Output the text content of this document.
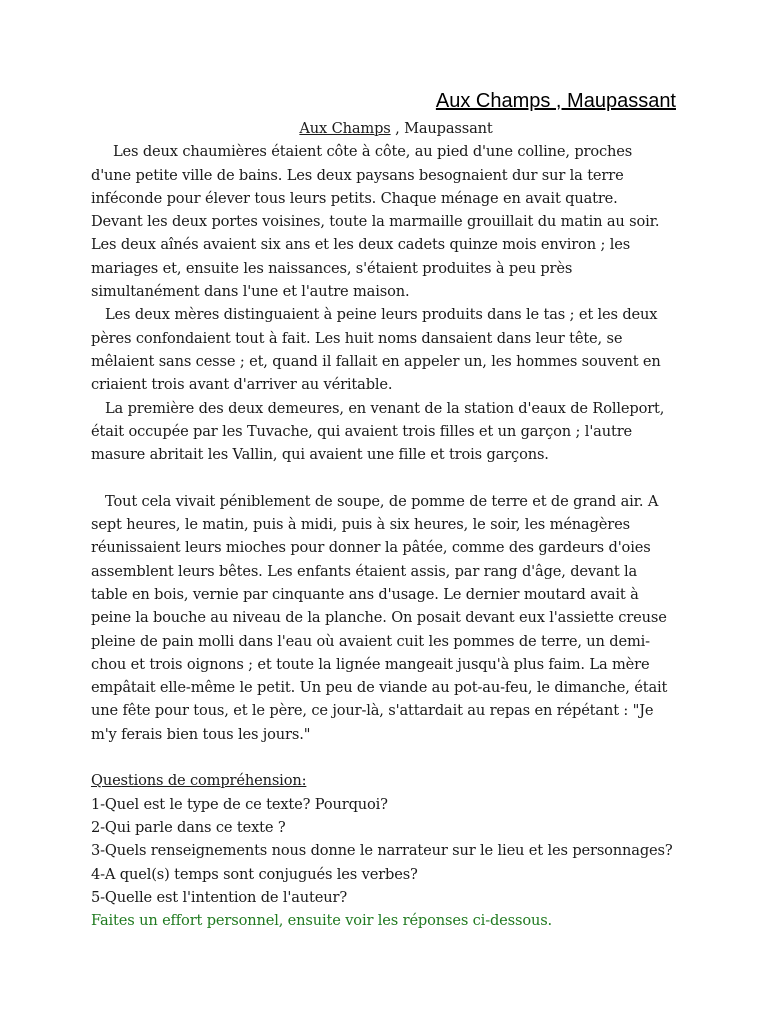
Aux Champs , Maupassant
Aux Champs , Maupassant
Les deux chaumières étaient côte à côte, au pied d'une colline, proches
d'une petite ville de bains. Les deux paysans besognaient dur sur la terre
inféconde pour élever tous leurs petits. Chaque ménage en avait quatre.
Devant les deux portes voisines, toute la marmaille grouillait du matin au soir.
Les deux aînés avaient six ans et les deux cadets quinze mois environ ; les
mariages et, ensuite les naissances, s'étaient produites à peu près
simultanément dans l'une et l'autre maison.
Les deux mères distinguaient à peine leurs produits dans le tas ; et les deux
pères confondaient tout à fait. Les huit noms dansaient dans leur tête, se
mêlaient sans cesse ; et, quand il fallait en appeler un, les hommes souvent en
criaient trois avant d'arriver au véritable.
La première des deux demeures, en venant de la station d'eaux de Rolleport,
était occupée par les Tuvache, qui avaient trois filles et un garçon ; l'autre
masure abritait les Vallin, qui avaient une fille et trois garçons.
Tout cela vivait péniblement de soupe, de pomme de terre et de grand air. A
sept heures, le matin, puis à midi, puis à six heures, le soir, les ménagères
réunissaient leurs mioches pour donner la pâtée, comme des gardeurs d'oies
assemblent leurs bêtes. Les enfants étaient assis, par rang d'âge, devant la
table en bois, vernie par cinquante ans d'usage. Le dernier moutard avait à
peine la bouche au niveau de la planche. On posait devant eux l'assiette creuse
pleine de pain molli dans l'eau où avaient cuit les pommes de terre, un demi-
chou et trois oignons ; et toute la lignée mangeait jusqu'à plus faim. La mère
empâtait elle-même le petit. Un peu de viande au pot-au-feu, le dimanche, était
une fête pour tous, et le père, ce jour-là, s'attardait au repas en répétant : "Je
m'y ferais bien tous les jours."
Questions de compréhension:
1-Quel est le type de ce texte? Pourquoi?
2-Qui parle dans ce texte ?
3-Quels renseignements nous donne le narrateur sur le lieu et les personnages?
4-A quel(s) temps sont conjugués les verbes?
5-Quelle est l'intention de l'auteur?
Faites un effort personnel, ensuite voir les réponses ci-dessous.
